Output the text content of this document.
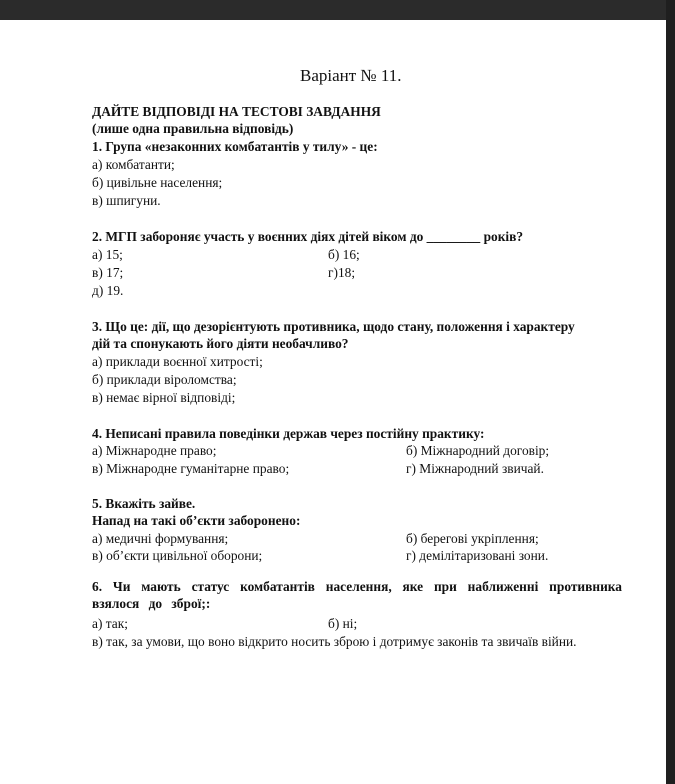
Варіант № 11.
ДАЙТЕ ВІДПОВІДІ НА ТЕСТОВІ ЗАВДАННЯ
(лише одна правильна відповідь)
1. Група «незаконних комбатантів у тилу» - це:
а) комбатанти;
б) цивільне населення;
в) шпигуни.
2. МГП забороняє участь у воєнних діях дітей віком до ________ років?
а) 15;	б) 16;
в) 17;	г)18;
д) 19.
3. Що це: дії, що дезорієнтують противника, щодо стану, положення і характеру
дій та спонукають його діяти необачливо?
а) приклади воєнної хитрості;
б) приклади віроломства;
в) немає вірної відповіді;
4. Неписані правила поведінки держав через постійну практику:
а) Міжнародне право;	б) Міжнародний договір;
в) Міжнародне гуманітарне право;	г) Міжнародний звичай.
5. Вкажіть зайве.
Напад на такі об’єкти заборонено:
а) медичні формування;	б) берегові укріплення;
в) об’єкти цивільної оборони;	г) демілітаризовані зони.
6. Чи мають статус комбатантів населення, яке при наближенні противника взялося до зброї;:
а) так;	б) ні;
в) так, за умови, що воно відкрито носить зброю і дотримує законів та звичаїв війни.
